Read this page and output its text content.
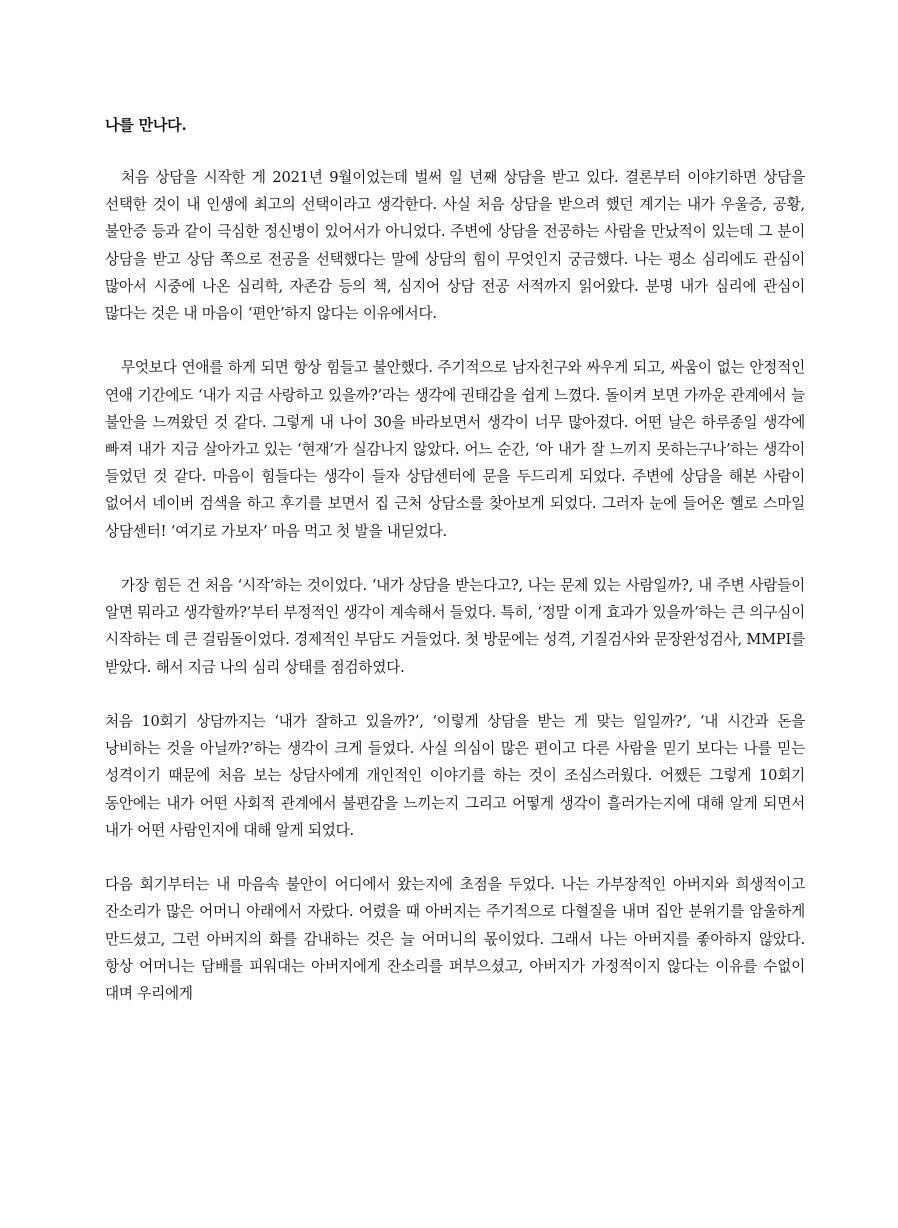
나를 만나다.

처음 상담을 시작한 게 2021년 9월이었는데 벌써 일 년째 상담을 받고 있다. 결론부터 이야기하면 상담을 선택한 것이 내 인생에 최고의 선택이라고 생각한다. 사실 처음 상담을 받으려 했던 계기는 내가 우울증, 공황, 불안증 등과 같이 극심한 정신병이 있어서가 아니었다. 주변에 상담을 전공하는 사람을 만났적이 있는데 그 분이 상담을 받고 상담 쪽으로 전공을 선택했다는 말에 상담의 힘이 무엇인지 궁금했다. 나는 평소 심리에도 관심이 많아서 시중에 나온 심리학, 자존감 등의 책, 심지어 상담 전공 서적까지 읽어왔다. 분명 내가 심리에 관심이 많다는 것은 내 마음이 ‘편안’하지 않다는 이유에서다.

무엇보다 연애를 하게 되면 항상 힘들고 불안했다. 주기적으로 남자친구와 싸우게 되고, 싸움이 없는 안정적인 연애 기간에도 ‘내가 지금 사랑하고 있을까?’라는 생각에 권태감을 쉽게 느꼈다. 돌이켜 보면 가까운 관계에서 늘 불안을 느껴왔던 것 같다. 그렇게 내 나이 30을 바라보면서 생각이 너무 많아졌다. 어떤 날은 하루종일 생각에 빠져 내가 지금 살아가고 있는 ‘현재’가 실감나지 않았다. 어느 순간, ‘아 내가 잘 느끼지 못하는구나’하는 생각이 들었던 것 같다. 마음이 힘들다는 생각이 들자 상담센터에 문을 두드리게 되었다. 주변에 상담을 해본 사람이 없어서 네이버 검색을 하고 후기를 보면서 집 근처 상담소를 찾아보게 되었다. 그러자 눈에 들어온 헬로 스마일 상담센터! ‘여기로 가보자’ 마음 먹고 첫 발을 내딛었다.

가장 힘든 건 처음 ‘시작’하는 것이었다. ‘내가 상담을 받는다고?, 나는 문제 있는 사람일까?, 내 주변 사람들이 알면 뭐라고 생각할까?’부터 부정적인 생각이 계속해서 들었다. 특히, ‘정말 이게 효과가 있을까’하는 큰 의구심이 시작하는 데 큰 걸림돌이었다. 경제적인 부담도 거들었다. 첫 방문에는 성격, 기질검사와 문장완성검사, MMPI를 받았다. 해서 지금 나의 심리 상태를 점검하였다.

처음 10회기 상담까지는 ‘내가 잘하고 있을까?’, ‘이렇게 상담을 받는 게 맞는 일일까?’, ‘내 시간과 돈을 낭비하는 것을 아닐까?’하는 생각이 크게 들었다. 사실 의심이 많은 편이고 다른 사람을 믿기 보다는 나를 믿는 성격이기 때문에 처음 보는 상담사에게 개인적인 이야기를 하는 것이 조심스러웠다. 어쨌든 그렇게 10회기 동안에는 내가 어떤 사회적 관계에서 불편감을 느끼는지 그리고 어떻게 생각이 흘러가는지에 대해 알게 되면서 내가 어떤 사람인지에 대해 알게 되었다.

다음 회기부터는 내 마음속 불안이 어디에서 왔는지에 초점을 두었다. 나는 가부장적인 아버지와 희생적이고 잔소리가 많은 어머니 아래에서 자랐다. 어렸을 때 아버지는 주기적으로 다혈질을 내며 집안 분위기를 암울하게 만드셨고, 그런 아버지의 화를 감내하는 것은 늘 어머니의 몫이었다. 그래서 나는 아버지를 좋아하지 않았다. 항상 어머니는 담배를 피워대는 아버지에게 잔소리를 퍼부으셨고, 아버지가 가정적이지 않다는 이유를 수없이 대며 우리에게
